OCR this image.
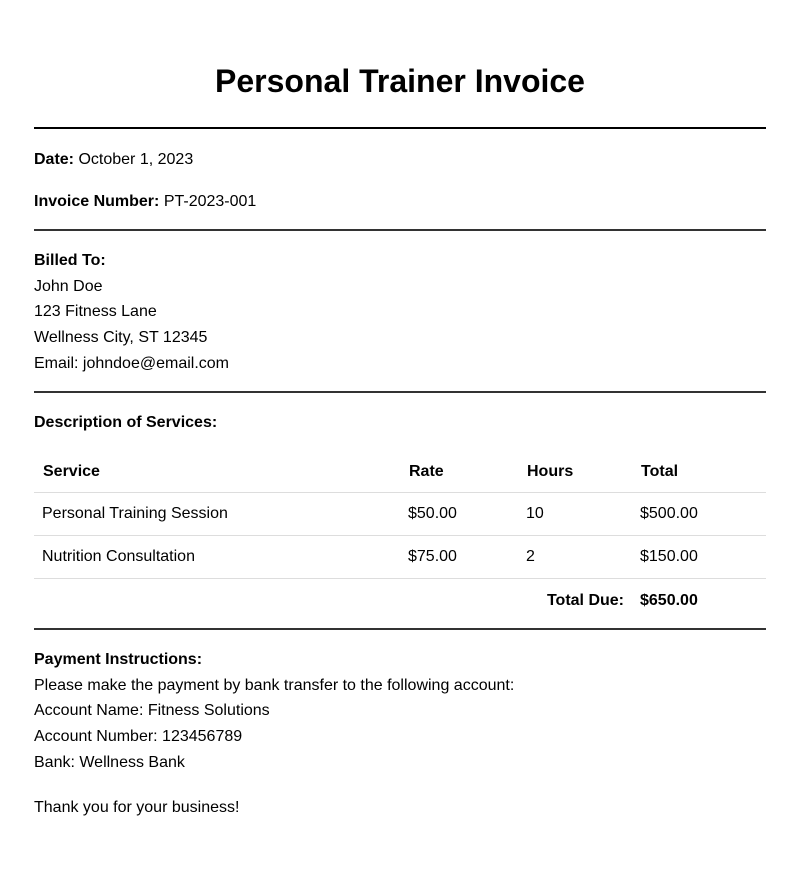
Personal Trainer Invoice
Date: October 1, 2023
Invoice Number: PT-2023-001
Billed To:
John Doe
123 Fitness Lane
Wellness City, ST 12345
Email: johndoe@email.com
Description of Services:
Service	Rate	Hours	Total
Personal Training Session	$50.00	10	$500.00
Nutrition Consultation	$75.00	2	$150.00
Total Due:			$650.00
Payment Instructions:
Please make the payment by bank transfer to the following account:
Account Name: Fitness Solutions
Account Number: 123456789
Bank: Wellness Bank
Thank you for your business!
